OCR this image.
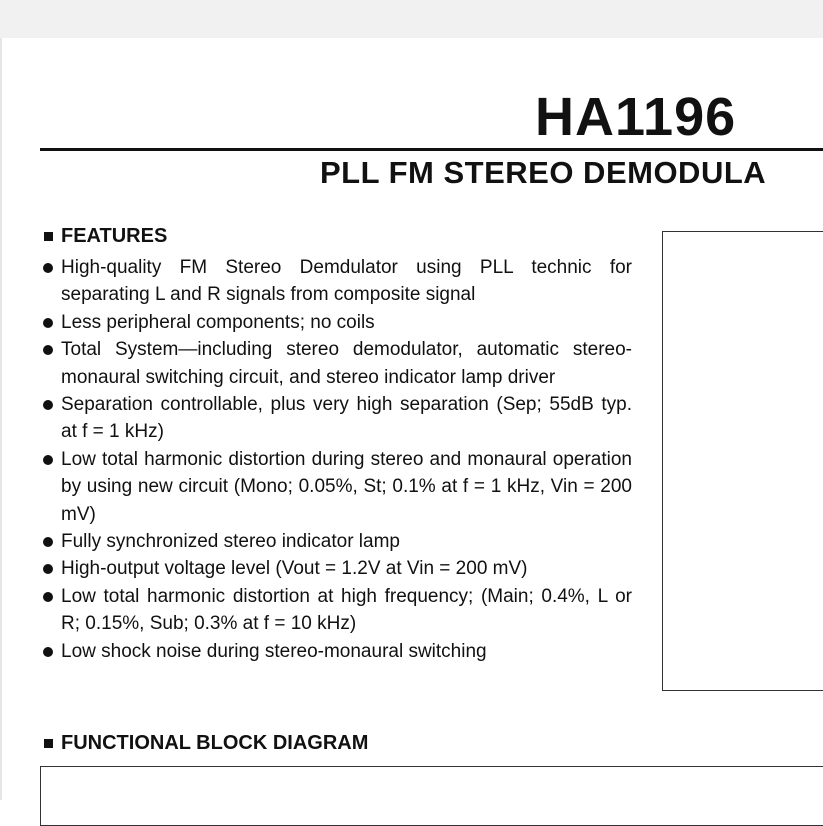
HA1196
PLL FM STEREO DEMODULA
FEATURES
High-quality FM Stereo Demdulator using PLL technic for separating L and R signals from composite signal
Less peripheral components; no coils
Total System—including stereo demodulator, automatic stereo-monaural switching circuit, and stereo indicator lamp driver
Separation controllable, plus very high separation (Sep; 55dB typ. at f = 1 kHz)
Low total harmonic distortion during stereo and monaural operation by using new circuit (Mono; 0.05%, St; 0.1% at f = 1 kHz, Vin = 200 mV)
Fully synchronized stereo indicator lamp
High-output voltage level (Vout = 1.2V at Vin = 200 mV)
Low total harmonic distortion at high frequency; (Main; 0.4%, L or R; 0.15%, Sub; 0.3% at f = 10 kHz)
Low shock noise during stereo-monaural switching
FUNCTIONAL BLOCK DIAGRAM
